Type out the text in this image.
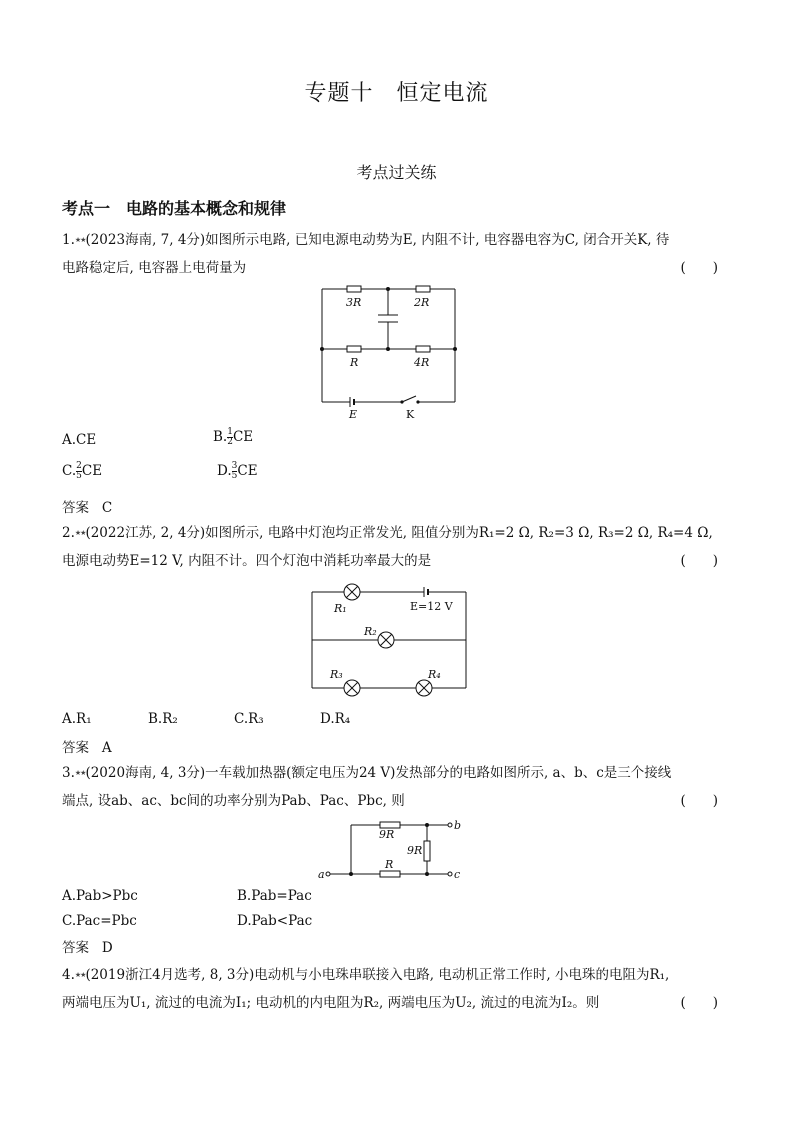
专题十　恒定电流
考点过关练
考点一　电路的基本概念和规律
1.★★(2023海南, 7, 4分)如图所示电路, 已知电源电动势为E, 内阻不计, 电容器电容为C, 闭合开关K, 待
电路稳定后, 电容器上电荷量为	(　　)
3R	2R
R	4R
E	K
A.CE	B. $\frac{1}{2}$ CE
C. $\frac{2}{5}$ CE	D. $\frac{3}{5}$ CE
答案 C
2.★★(2022江苏, 2, 4分)如图所示, 电路中灯泡均正常发光, 阻值分别为R₁=2 Ω, R₂=3 Ω, R₃=2 Ω, R₄=4 Ω,
电源电动势E=12 V, 内阻不计。四个灯泡中消耗功率最大的是	(　　)
R₁
R₂
R₃	R₄
E=12 V
A.R₁	B.R₂	C.R₃	D.R₄
答案 A
3.★★(2020海南, 4, 3分)一车载加热器(额定电压为24 V)发热部分的电路如图所示, a、b、c是三个接线
端点, 设ab、ac、bc间的功率分别为Pab、Pac、Pbc, 则	(　　)
9R
9R
R
a
b
c
A.Pab>Pbc	B.Pab=Pac
C.Pac=Pbc	D.Pab<Pac
答案 D
4.★★(2019浙江4月选考, 8, 3分)电动机与小电珠串联接入电路, 电动机正常工作时, 小电珠的电阻为R₁,
两端电压为U₁, 流过的电流为I₁; 电动机的内电阻为R₂, 两端电压为U₂, 流过的电流为I₂。则	(　　)
